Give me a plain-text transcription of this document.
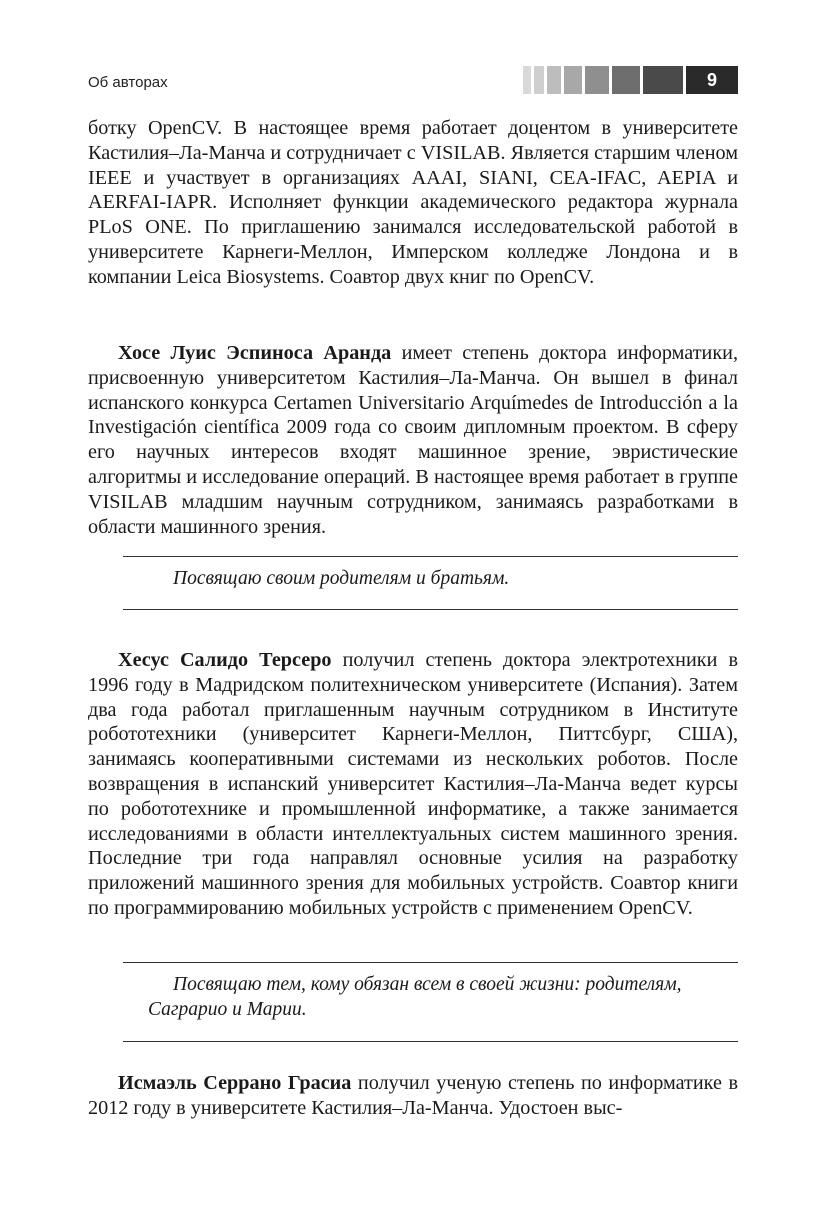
Об авторах	9

ботку OpenCV. В настоящее время работает доцентом в университете Кастилия–Ла-Манча и сотрудничает с VISILAB. Является старшим членом IEEE и участвует в организациях AAAI, SIANI, CEA-IFAC, AEPIA и AERFAI-IAPR. Исполняет функции академического редактора журнала PLoS ONE. По приглашению занимался исследовательской работой в университете Карнеги-Меллон, Имперском колледже Лондона и в компании Leica Biosystems. Соавтор двух книг по OpenCV.

Хосе Луис Эспиноса Аранда имеет степень доктора информатики, присвоенную университетом Кастилия–Ла-Манча. Он вышел в финал испанского конкурса Certamen Universitario Arquímedes de Introducción a la Investigación científica 2009 года со своим дипломным проектом. В сферу его научных интересов входят машинное зрение, эвристические алгоритмы и исследование операций. В настоящее время работает в группе VISILAB младшим научным сотрудником, занимаясь разработками в области машинного зрения.

Посвящаю своим родителям и братьям.

Хесус Салидо Терсеро получил степень доктора электротехники в 1996 году в Мадридском политехническом университете (Испания). Затем два года работал приглашенным научным сотрудником в Институте робототехники (университет Карнеги-Меллон, Питтсбург, США), занимаясь кооперативными системами из нескольких роботов. После возвращения в испанский университет Кастилия–Ла-Манча ведет курсы по робототехнике и промышленной информатике, а также занимается исследованиями в области интеллектуальных систем машинного зрения. Последние три года направлял основные усилия на разработку приложений машинного зрения для мобильных устройств. Соавтор книги по программированию мобильных устройств с применением OpenCV.

Посвящаю тем, кому обязан всем в своей жизни: родителям, Саграрио и Марии.

Исмаэль Серрано Грасиа получил ученую степень по информатике в 2012 году в университете Кастилия–Ла-Манча. Удостоен выс-
